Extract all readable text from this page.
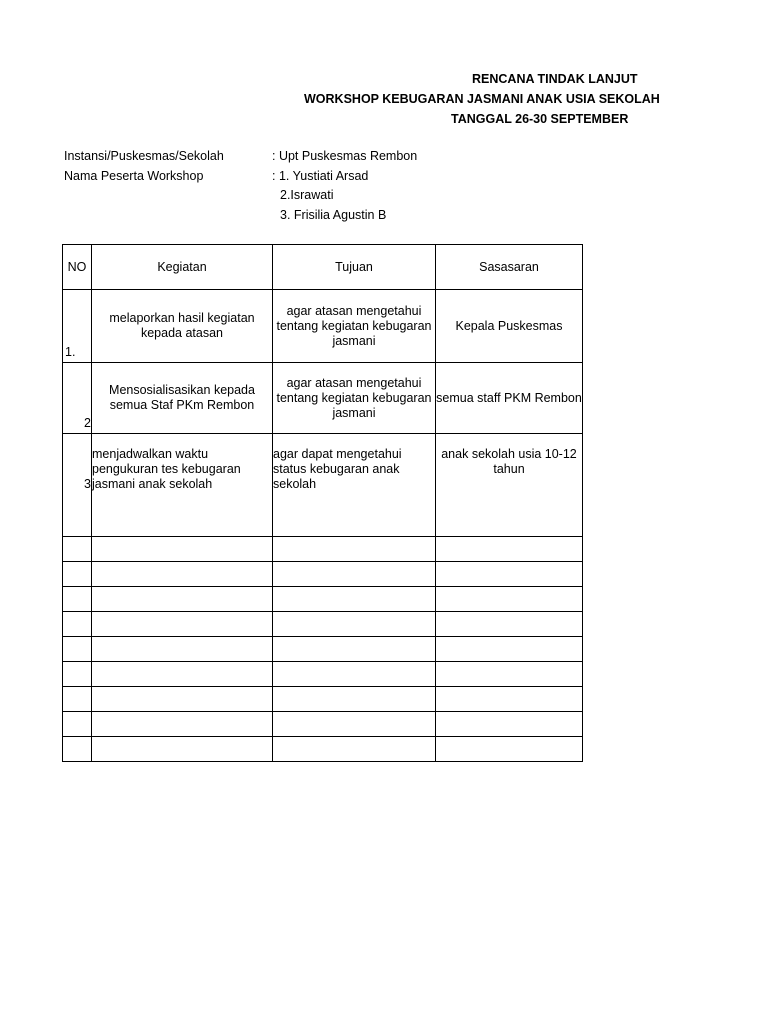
RENCANA TINDAK LANJUT
WORKSHOP KEBUGARAN JASMANI ANAK USIA SEKOLAH
TANGGAL 26-30 SEPTEMBER
Instansi/Puskesmas/Sekolah	: Upt Puskesmas Rembon
Nama Peserta Workshop	: 1. Yustiati Arsad
2.Israwati
3. Frisilia Agustin B
NO	Kegiatan	Tujuan	Sasasaran
1.	melaporkan hasil kegiatan kepada atasan	agar atasan mengetahui tentang kegiatan kebugaran jasmani	Kepala Puskesmas
2	Mensosialisasikan kepada semua Staf PKm Rembon	agar atasan mengetahui tentang kegiatan kebugaran jasmani	semua staff PKM Rembon
3	menjadwalkan waktu pengukuran tes kebugaran jasmani anak sekolah	agar dapat mengetahui status kebugaran anak sekolah	anak sekolah usia 10-12 tahun
